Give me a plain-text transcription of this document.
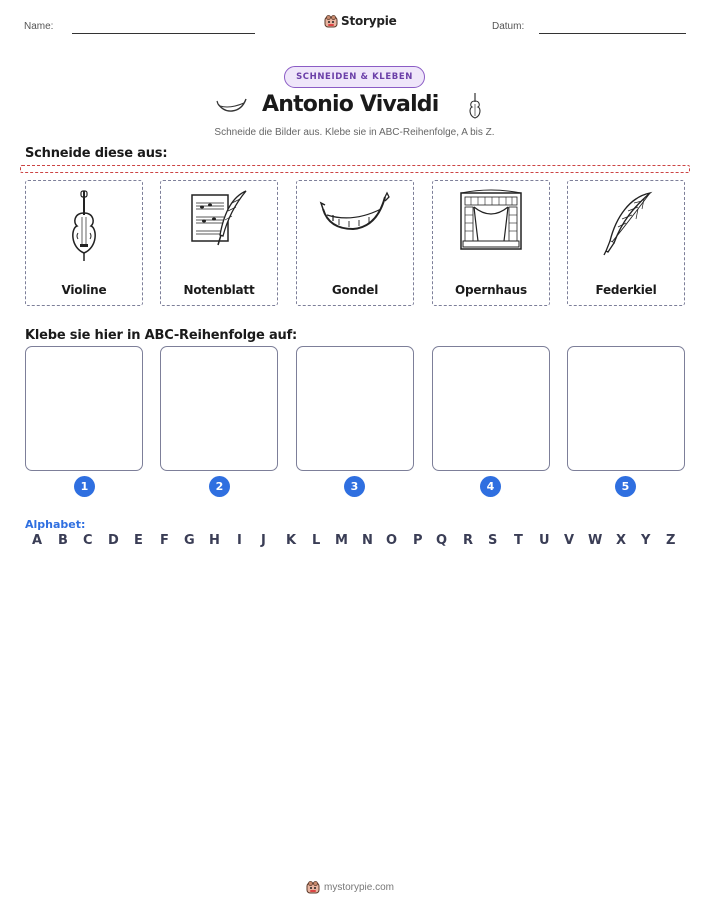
Name:	Storypie	Datum:
SCHNEIDEN & KLEBEN
Antonio Vivaldi
Schneide die Bilder aus. Klebe sie in ABC-Reihenfolge, A bis Z.
Schneide diese aus:
Violine	Notenblatt	Gondel	Opernhaus	Federkiel
Klebe sie hier in ABC-Reihenfolge auf:
1	2	3	4	5
Alphabet:
A B C D E F G H I J K L M N O P Q R S T U V W X Y Z
mystorypie.com
